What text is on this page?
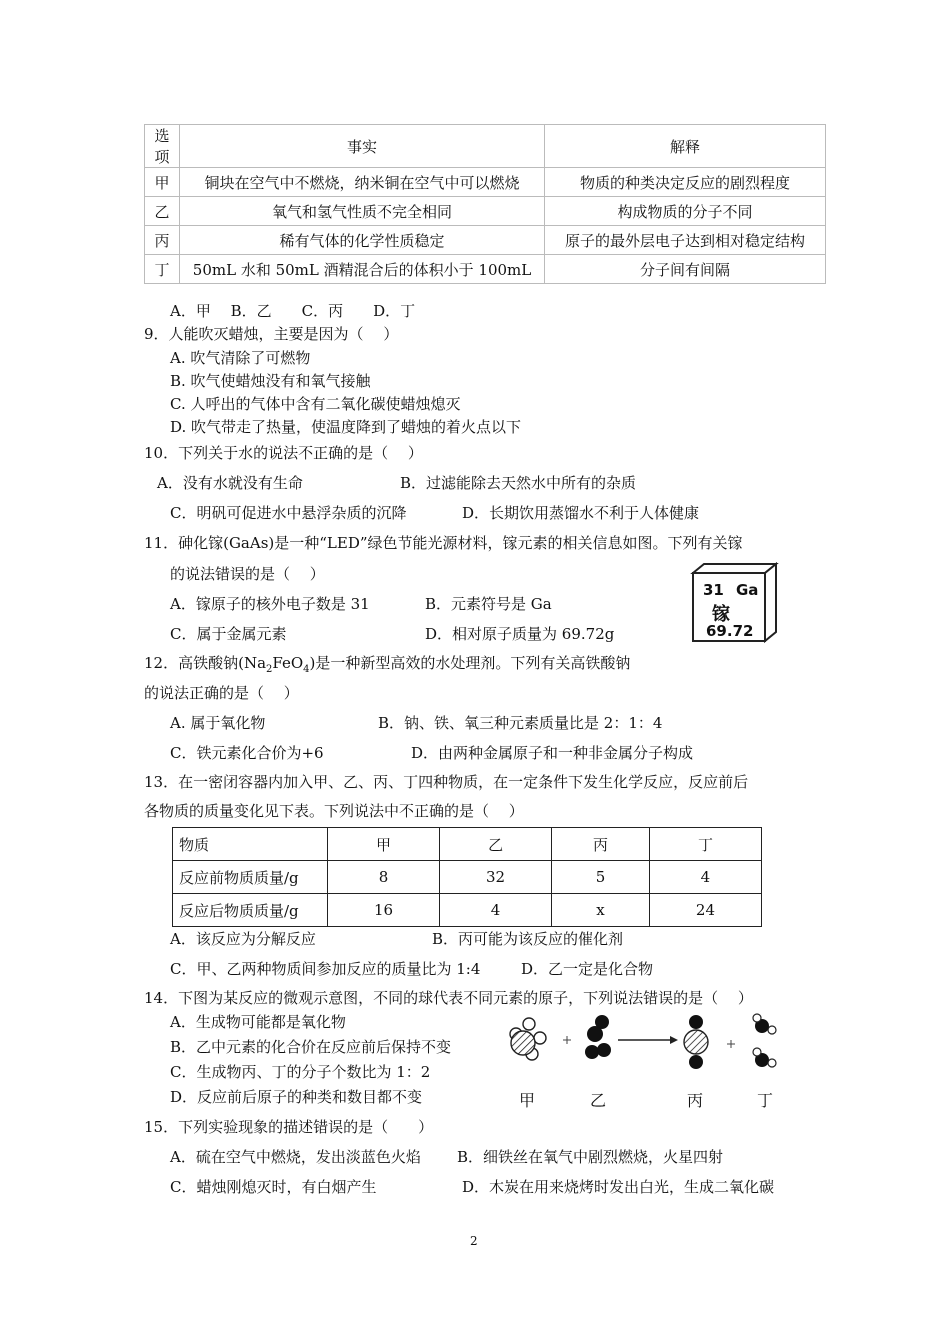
选项	事实	解释
甲	铜块在空气中不燃烧，纳米铜在空气中可以燃烧	物质的种类决定反应的剧烈程度
乙	氧气和氢气性质不完全相同	构成物质的分子不同
丙	稀有气体的化学性质稳定	原子的最外层电子达到相对稳定结构
丁	50mL 水和 50mL 酒精混合后的体积小于 100mL	分子间有间隔
A．甲　 B．乙　　C．丙　　D．丁
9．人能吹灭蜡烛，主要是因为（　 ）
A. 吹气清除了可燃物
B. 吹气使蜡烛没有和氧气接触
C. 人呼出的气体中含有二氧化碳使蜡烛熄灭
D. 吹气带走了热量，使温度降到了蜡烛的着火点以下
10．下列关于水的说法不正确的是（　 ）
A．没有水就没有生命	B．过滤能除去天然水中所有的杂质
C．明矾可促进水中悬浮杂质的沉降	D．长期饮用蒸馏水不利于人体健康
11．砷化镓(GaAs)是一种“LED”绿色节能光源材料，镓元素的相关信息如图。下列有关镓
的说法错误的是（　 ）
A．镓原子的核外电子数是 31	B．元素符号是 Ga
C．属于金属元素	D．相对原子质量为 69.72g
31 Ga
镓
69.72
12．高铁酸钠$(Na_2FeO_4)$是一种新型高效的水处理剂。下列有关高铁酸钠
的说法正确的是（　 ）
A. 属于氧化物	B．钠、铁、氧三种元素质量比是 2：1：4
C．铁元素化合价为+6	D．由两种金属原子和一种非金属分子构成
13．在一密闭容器内加入甲、乙、丙、丁四种物质，在一定条件下发生化学反应，反应前后
各物质的质量变化见下表。下列说法中不正确的是（　 ）
物质	甲	乙	丙	丁
反应前物质质量/g	8	32	5	4
反应后物质质量/g	16	4	x	24
A．该反应为分解反应	B．丙可能为该反应的催化剂
C．甲、乙两种物质间参加反应的质量比为 1:4	D．乙一定是化合物
14．下图为某反应的微观示意图，不同的球代表不同元素的原子，下列说法错误的是（　 ）
A．生成物可能都是氧化物
B．乙中元素的化合价在反应前后保持不变
C．生成物丙、丁的分子个数比为 1：2
D．反应前后原子的种类和数目都不变	甲	乙	丙	丁
15．下列实验现象的描述错误的是（　　）
A．硫在空气中燃烧，发出淡蓝色火焰 B．细铁丝在氧气中剧烈燃烧，火星四射
C．蜡烛刚熄灭时，有白烟产生	D．木炭在用来烧烤时发出白光，生成二氧化碳
2
